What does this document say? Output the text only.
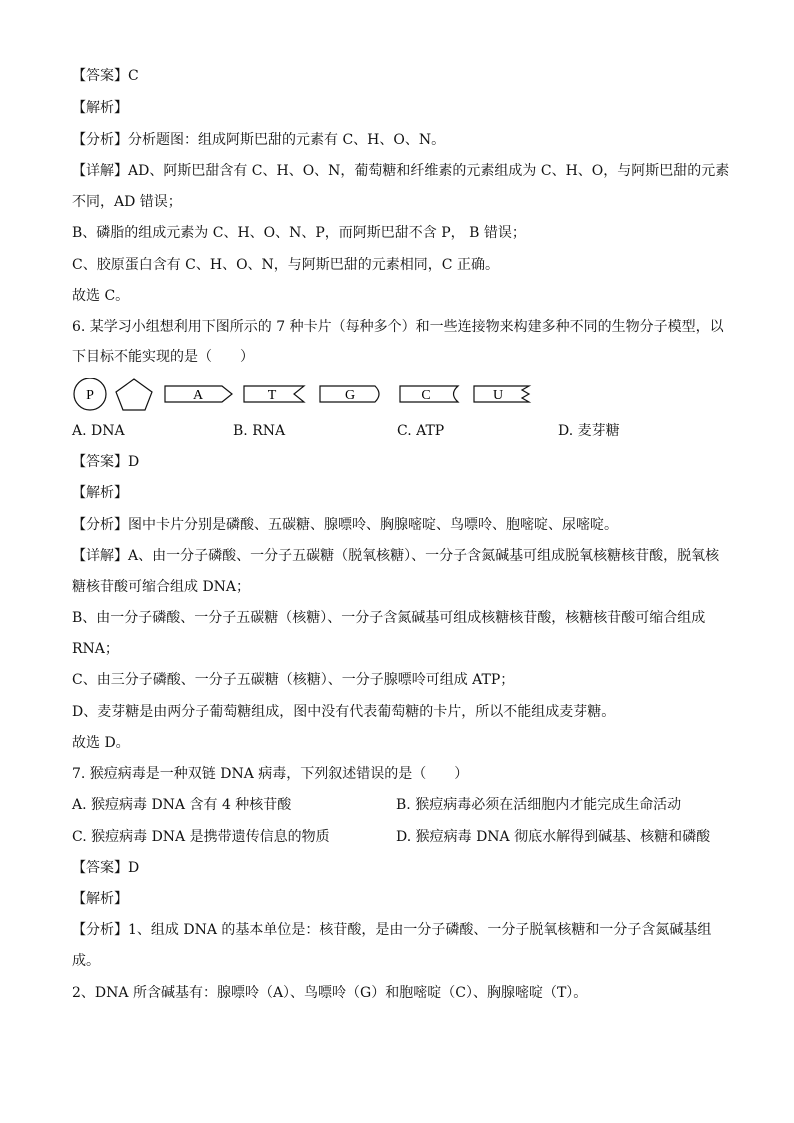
【答案】C
【解析】
【分析】分析题图：组成阿斯巴甜的元素有 C、H、O、N。
【详解】AD、阿斯巴甜含有 C、H、O、N，葡萄糖和纤维素的元素组成为 C、H、O，与阿斯巴甜的元素
不同，AD 错误；
B、磷脂的组成元素为 C、H、O、N、P，而阿斯巴甜不含 P， B 错误；
C、胶原蛋白含有 C、H、O、N，与阿斯巴甜的元素相同，C 正确。
故选 C。
6. 某学习小组想利用下图所示的 7 种卡片（每种多个）和一些连接物来构建多种不同的生物分子模型，以
下目标不能实现的是（　　）
P	A	T	G	C	U
A. DNA	B. RNA	C. ATP	D. 麦芽糖
【答案】D
【解析】
【分析】图中卡片分别是磷酸、五碳糖、腺嘌呤、胸腺嘧啶、鸟嘌呤、胞嘧啶、尿嘧啶。
【详解】A、由一分子磷酸、一分子五碳糖（脱氧核糖）、一分子含氮碱基可组成脱氧核糖核苷酸，脱氧核
糖核苷酸可缩合组成 DNA；
B、由一分子磷酸、一分子五碳糖（核糖）、一分子含氮碱基可组成核糖核苷酸，核糖核苷酸可缩合组成
RNA；
C、由三分子磷酸、一分子五碳糖（核糖）、一分子腺嘌呤可组成 ATP；
D、麦芽糖是由两分子葡萄糖组成，图中没有代表葡萄糖的卡片，所以不能组成麦芽糖。
故选 D。
7. 猴痘病毒是一种双链 DNA 病毒，下列叙述错误的是（　　）
A. 猴痘病毒 DNA 含有 4 种核苷酸	B. 猴痘病毒必须在活细胞内才能完成生命活动
C. 猴痘病毒 DNA 是携带遗传信息的物质	D. 猴痘病毒 DNA 彻底水解得到碱基、核糖和磷酸
【答案】D
【解析】
【分析】1、组成 DNA 的基本单位是：核苷酸，是由一分子磷酸、一分子脱氧核糖和一分子含氮碱基组
成。
2、DNA 所含碱基有：腺嘌呤（A）、鸟嘌呤（G）和胞嘧啶（C）、胸腺嘧啶（T）。
